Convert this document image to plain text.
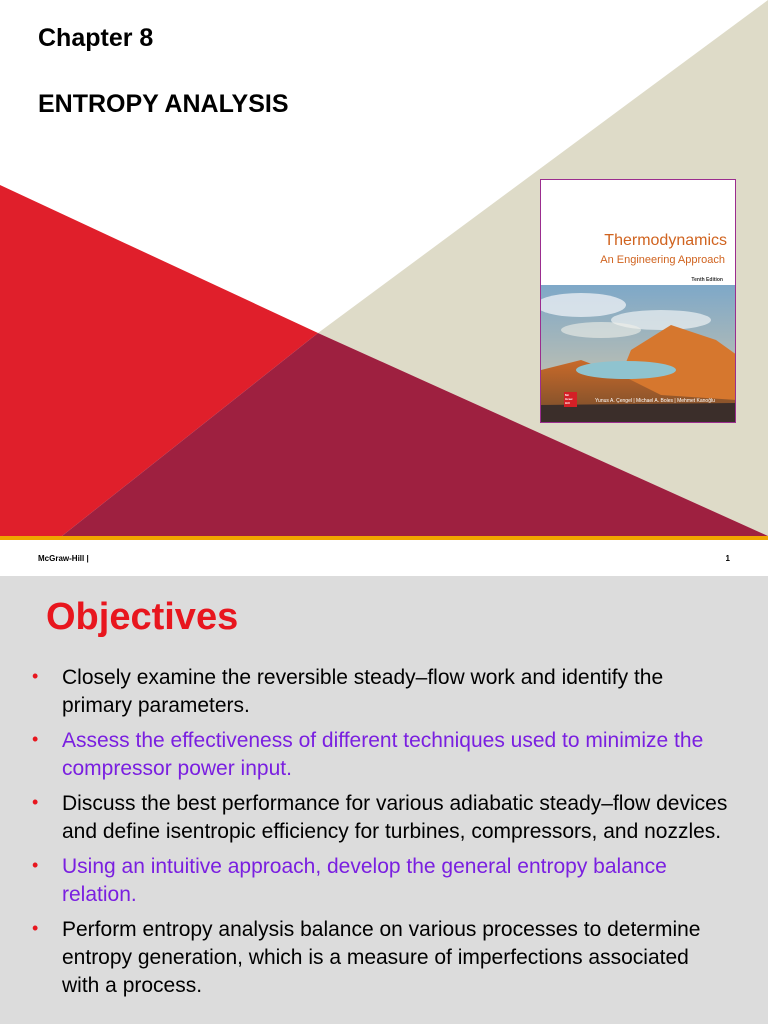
Chapter 8
ENTROPY ANALYSIS
Thermodynamics
An Engineering Approach
Tenth Edition
Mc Graw Hill	Yunus A. Çengel | Michael A. Boles | Mehmet Kanoğlu
McGraw-Hill |	1
Objectives
• Closely examine the reversible steady–flow work and identify the primary parameters.
• Assess the effectiveness of different techniques used to minimize the compressor power input.
• Discuss the best performance for various adiabatic steady–flow devices and define isentropic efficiency for turbines, compressors, and nozzles.
• Using an intuitive approach, develop the general entropy balance relation.
• Perform entropy analysis balance on various processes to determine entropy generation, which is a measure of imperfections associated with a process.
